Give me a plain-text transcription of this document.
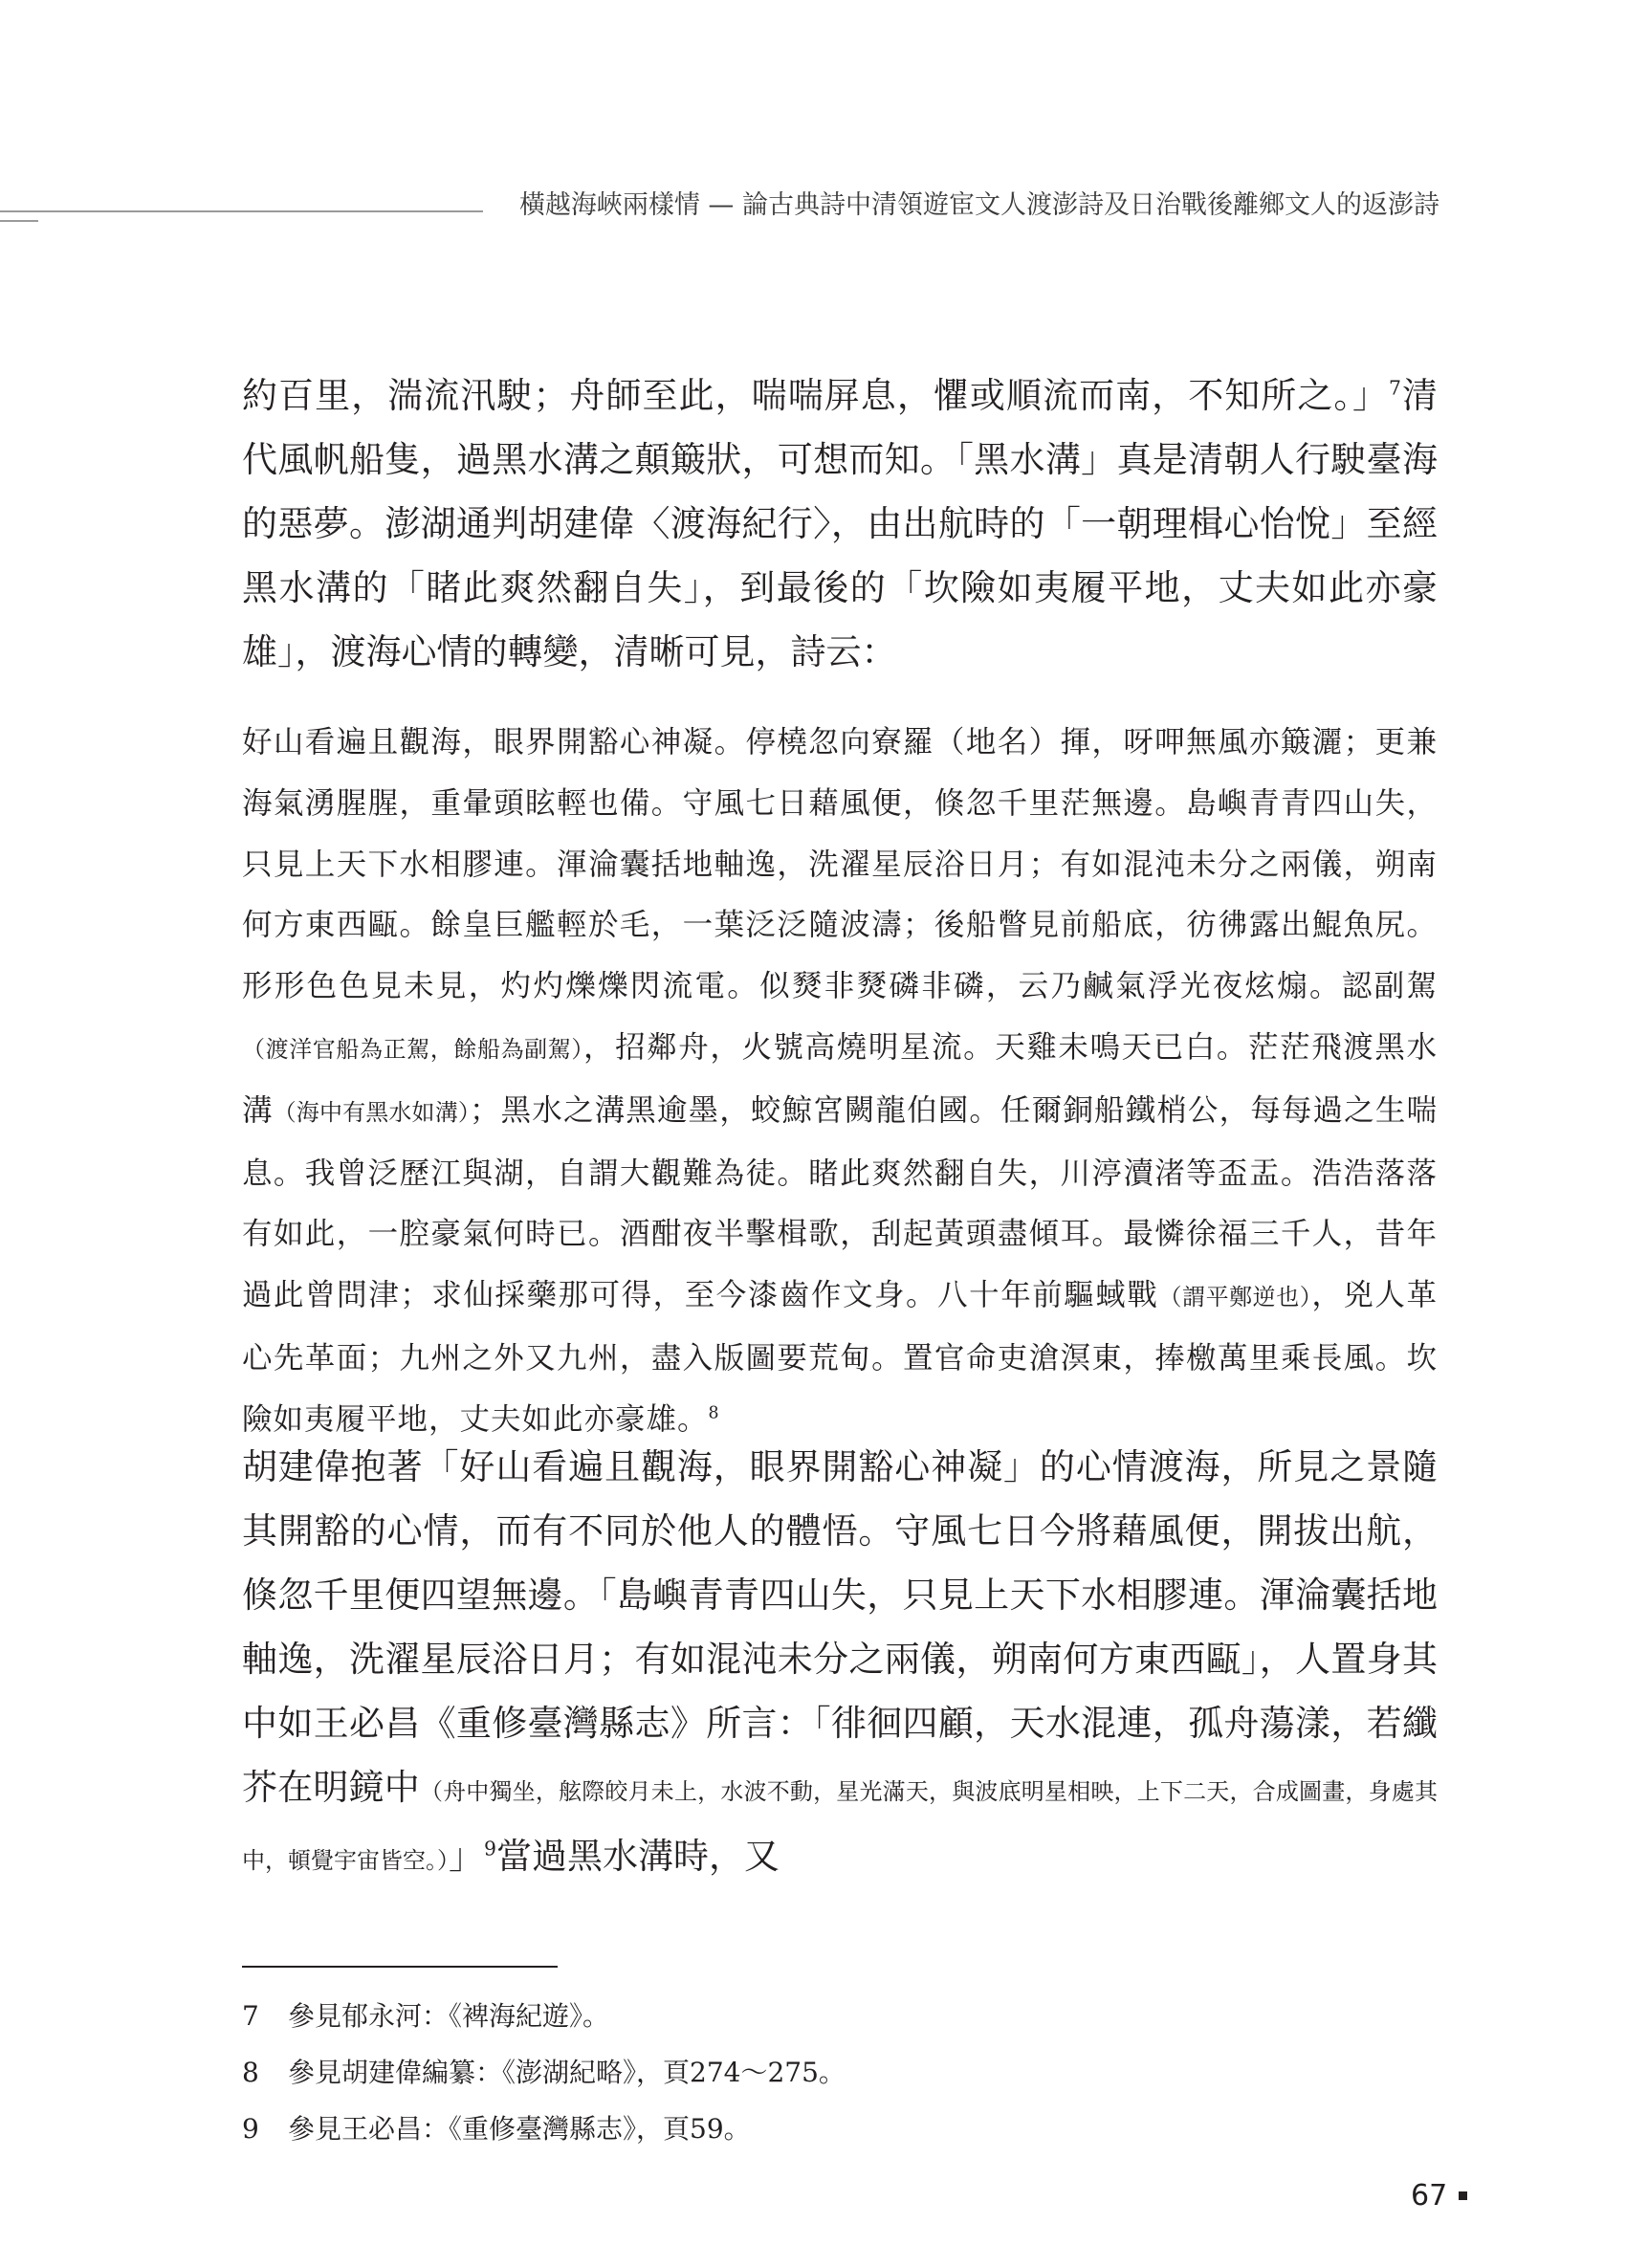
橫越海峽兩樣情 — 論古典詩中清領遊宦文人渡澎詩及日治戰後離鄉文人的返澎詩
約百里，湍流汛駛；舟師至此，喘喘屏息，懼或順流而南，不知所之。」$^7$清代風帆船隻，過黑水溝之顛簸狀，可想而知。「黑水溝」真是清朝人行駛臺海的惡夢。澎湖通判胡建偉〈渡海紀行〉，由出航時的「一朝理楫心怡悅」至經黑水溝的「睹此爽然翻自失」，到最後的「坎險如夷履平地，丈夫如此亦豪雄」，渡海心情的轉變，清晰可見，詩云：
好山看遍且觀海，眼界開豁心神凝。停橈忽向寮羅（地名）揮，呀呷無風亦簸灑；更兼海氣湧腥腥，重暈頭眩輕也備。守風七日藉風便，倏忽千里茫無邊。島嶼青青四山失，只見上天下水相膠連。渾淪囊括地軸逸，洗濯星辰浴日月；有如混沌未分之兩儀，朔南何方東西甌。餘皇巨艦輕於毛，一葉泛泛隨波濤；後船瞥見前船底，彷彿露出鯤魚尻。形形色色見未見，灼灼爍爍閃流電。似燹非燹磷非磷，云乃鹹氣浮光夜炫煽。認副駕（渡洋官船為正駕，餘船為副駕），招鄰舟，火號高燒明星流。天雞未鳴天已白。茫茫飛渡黑水溝（海中有黑水如溝）；黑水之溝黑逾墨，蛟鯨宮闕龍伯國。任爾銅船鐵梢公，每每過之生喘息。我曾泛歷江與湖，自謂大觀難為徒。睹此爽然翻自失，川渟瀆渚等盃盂。浩浩落落有如此，一腔豪氣何時已。酒酣夜半擊楫歌，刮起黃頭盡傾耳。最憐徐福三千人，昔年過此曾問津；求仙採藥那可得，至今漆齒作文身。八十年前驅蜮戰（謂平鄭逆也），兇人革心先革面；九州之外又九州，盡入版圖要荒甸。置官命吏滄溟東，捧檄萬里乘長風。坎險如夷履平地，丈夫如此亦豪雄。$^8$
胡建偉抱著「好山看遍且觀海，眼界開豁心神凝」的心情渡海，所見之景隨其開豁的心情，而有不同於他人的體悟。守風七日今將藉風便，開拔出航，倏忽千里便四望無邊。「島嶼青青四山失，只見上天下水相膠連。渾淪囊括地軸逸，洗濯星辰浴日月；有如混沌未分之兩儀，朔南何方東西甌」，人置身其中如王必昌《重修臺灣縣志》所言：「徘徊四顧，天水混連，孤舟蕩漾，若纖芥在明鏡中（舟中獨坐，舷際皎月未上，水波不動，星光滿天，與波底明星相映，上下二天，合成圖畫，身處其中，頓覺宇宙皆空。）」$^9$當過黑水溝時，又
7 參見郁永河：《裨海紀遊》。
8 參見胡建偉編纂：《澎湖紀略》，頁274～275。
9 參見王必昌：《重修臺灣縣志》，頁59。
67
